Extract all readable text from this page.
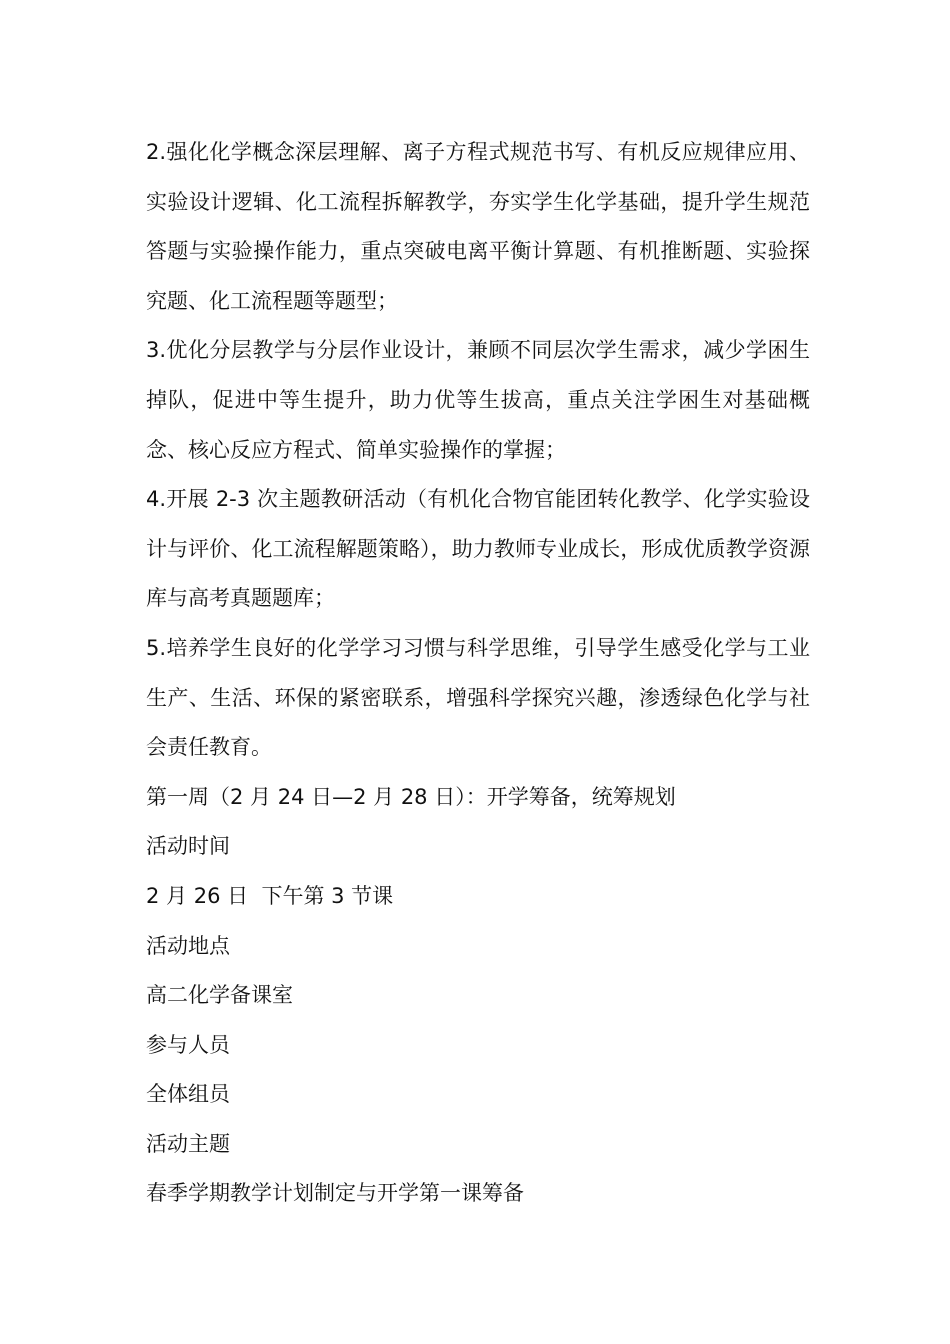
2.强化化学概念深层理解、离子方程式规范书写、有机反应规律应用、实验设计逻辑、化工流程拆解教学，夯实学生化学基础，提升学生规范答题与实验操作能力，重点突破电离平衡计算题、有机推断题、实验探究题、化工流程题等题型；

3.优化分层教学与分层作业设计，兼顾不同层次学生需求，减少学困生掉队，促进中等生提升，助力优等生拔高，重点关注学困生对基础概念、核心反应方程式、简单实验操作的掌握；

4.开展 2-3 次主题教研活动（有机化合物官能团转化教学、化学实验设计与评价、化工流程解题策略），助力教师专业成长，形成优质教学资源库与高考真题题库；

5.培养学生良好的化学学习习惯与科学思维，引导学生感受化学与工业生产、生活、环保的紧密联系，增强科学探究兴趣，渗透绿色化学与社会责任教育。

第一周（2 月 24 日—2 月 28 日）：开学筹备，统筹规划

活动时间

2 月 26 日  下午第 3 节课

活动地点

高二化学备课室

参与人员

全体组员

活动主题

春季学期教学计划制定与开学第一课筹备
